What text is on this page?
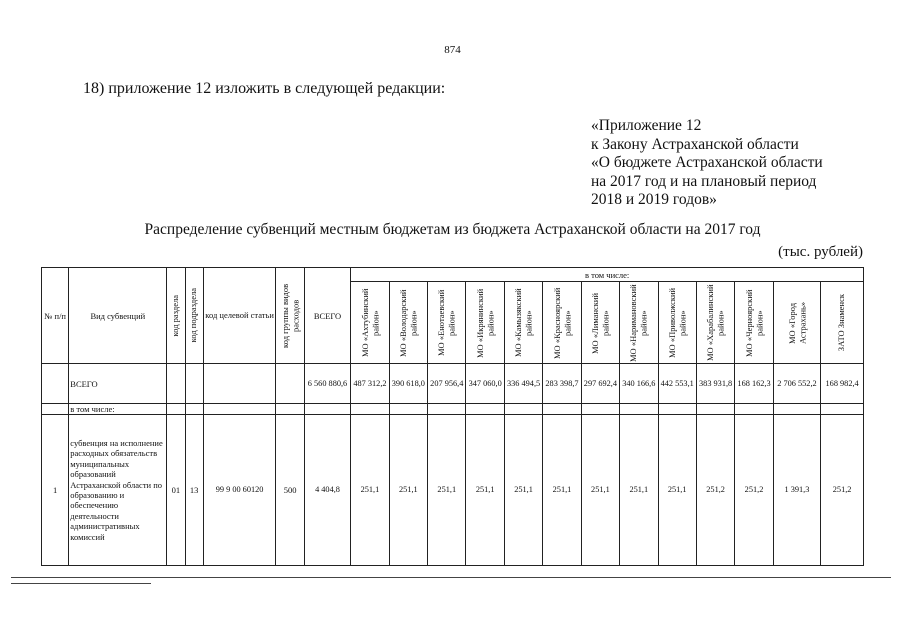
874
18) приложение 12 изложить в следующей редакции:
«Приложение 12
к Закону Астраханской области
«О бюджете Астраханской области
на 2017 год и на плановый период
2018 и 2019 годов»
Распределение субвенций местным бюджетам из бюджета Астраханской области на 2017 год
(тыс. рублей)
№ п/п	Вид субвенций	код раздела	код подраздела	код целевой статьи	код группы видов расходов	ВСЕГО	в том числе:												

							МО «Ахтубинский район»	МО «Володарский район»	МО «Енотаевский район»	МО «Икрянинский район»	МО «Камызякский район»	МО «Красноярский район»	МО «Лиманский район»	МО «Наримановский район»	МО «Приволжский район»	МО «Харабалинский район»	МО «Черноярский район»	МО «Город Астрахань»	ЗАТО Знаменск

	ВСЕГО					6 560 880,6	487 312,2	390 618,0	207 956,4	347 060,0	336 494,5	283 398,7	297 692,4	340 166,6	442 553,1	383 931,8	168 162,3	2 706 552,2	168 982,4
	в том числе:																		
1	субвенция на исполнение расходных обязательств муниципальных образований Астраханской области по образованию и обеспечению деятельности административных комиссий	01	13	99 9 00 60120	500	4 404,8	251,1	251,1	251,1	251,1	251,1	251,1	251,1	251,1	251,1	251,2	251,2	1 391,3	251,2
